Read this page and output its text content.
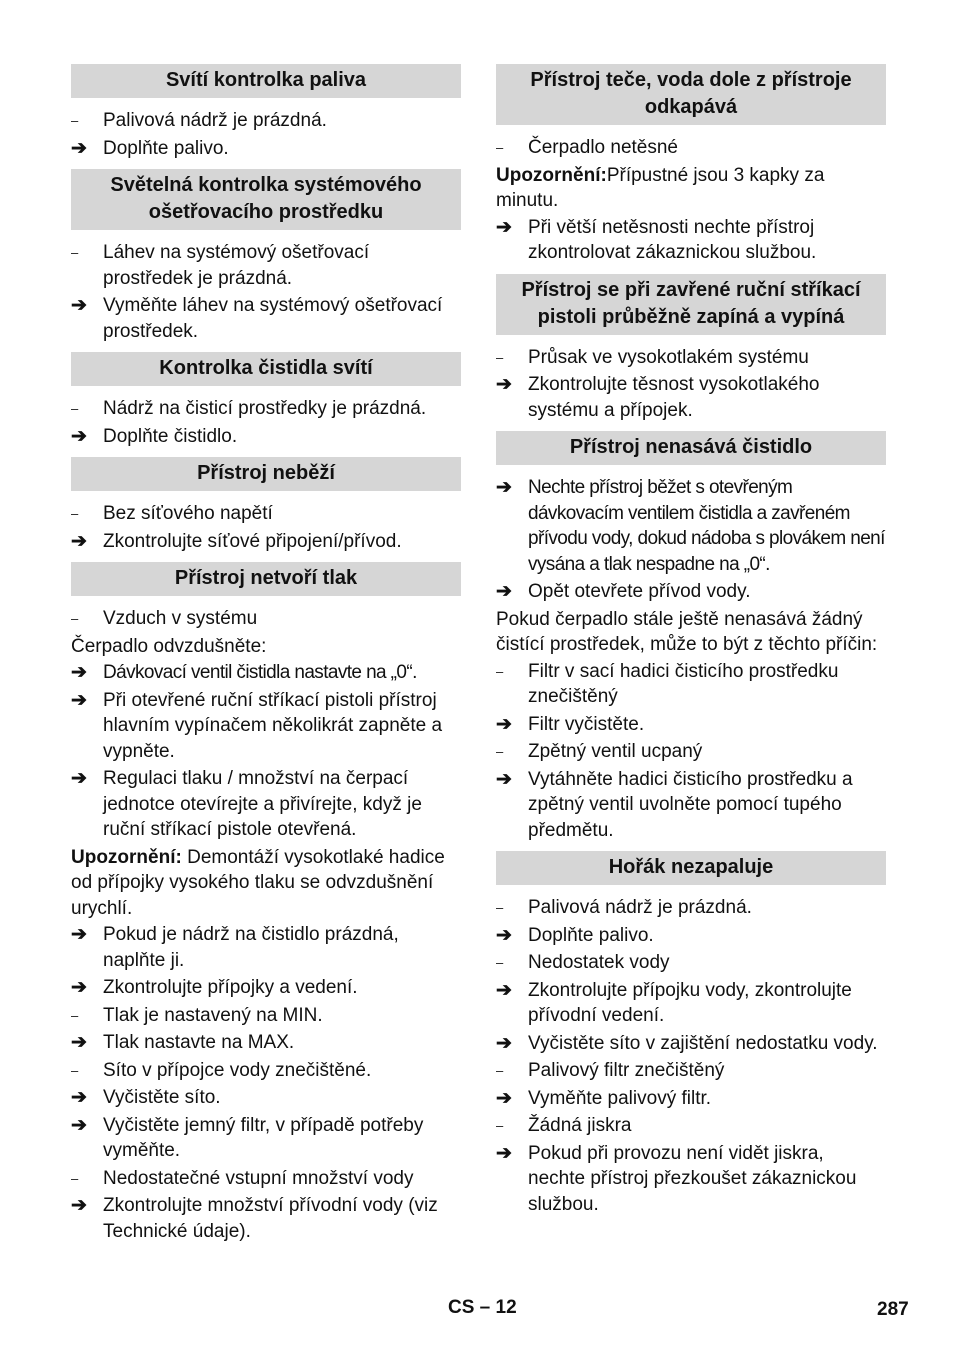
Svítí kontrolka paliva
–	Palivová nádrž je prázdná.
➔ Doplňte palivo.
Světelná kontrolka systémového ošetřovacího prostředku
–	Láhev na systémový ošetřovací prostředek je prázdná.
➔ Vyměňte láhev na systémový ošetřovací prostředek.
Kontrolka čistidla svítí
–	Nádrž na čisticí prostředky je prázdná.
➔ Doplňte čistidlo.
Přístroj neběží
–	Bez síťového napětí
➔ Zkontrolujte síťové připojení/přívod.
Přístroj netvoří tlak
–	Vzduch v systému
Čerpadlo odvzdušněte:
➔ Dávkovací ventil čistidla nastavte na „0“.
➔ Při otevřené ruční stříkací pistoli přístroj hlavním vypínačem několikrát zapněte a vypněte.
➔ Regulaci tlaku / množství na čerpací jednotce otevírejte a přivírejte, když je ruční stříkací pistole otevřená.
Upozornění: Demontáží vysokotlaké hadice od přípojky vysokého tlaku se odvzdušnění urychlí.
➔ Pokud je nádrž na čistidlo prázdná, naplňte ji.
➔ Zkontrolujte přípojky a vedení.
–	Tlak je nastavený na MIN.
➔ Tlak nastavte na MAX.
–	Síto v přípojce vody znečištěné.
➔ Vyčistěte síto.
➔ Vyčistěte jemný filtr, v případě potřeby vyměňte.
–	Nedostatečné vstupní množství vody
➔ Zkontrolujte množství přívodní vody (viz Technické údaje).
Přístroj teče, voda dole z přístroje odkapává
–	Čerpadlo netěsné
Upozornění:Přípustné jsou 3 kapky za minutu.
➔ Při větší netěsnosti nechte přístroj zkontrolovat zákaznickou službou.
Přístroj se při zavřené ruční stříkací pistoli průběžně zapíná a vypíná
–	Průsak ve vysokotlakém systému
➔ Zkontrolujte těsnost vysokotlakého systému a přípojek.
Přístroj nenasává čistidlo
➔ Nechte přístroj běžet s otevřeným dávkovacím ventilem čistidla a zavřeném přívodu vody, dokud nádoba s plovákem není vysána a tlak nespadne na „0“.
➔ Opět otevřete přívod vody.
Pokud čerpadlo stále ještě nenasává žádný čistící prostředek, může to být z těchto příčin:
–	Filtr v sací hadici čisticího prostředku znečištěný
➔ Filtr vyčistěte.
–	Zpětný ventil ucpaný
➔ Vytáhněte hadici čisticího prostředku a zpětný ventil uvolněte pomocí tupého předmětu.
Hořák nezapaluje
–	Palivová nádrž je prázdná.
➔ Doplňte palivo.
–	Nedostatek vody
➔ Zkontrolujte přípojku vody, zkontrolujte přívodní vedení.
➔ Vyčistěte síto v zajištění nedostatku vody.
–	Palivový filtr znečištěný
➔ Vyměňte palivový filtr.
–	Žádná jiskra
➔ Pokud při provozu není vidět jiskra, nechte přístroj přezkoušet zákaznickou službou.
CS – 12	287
